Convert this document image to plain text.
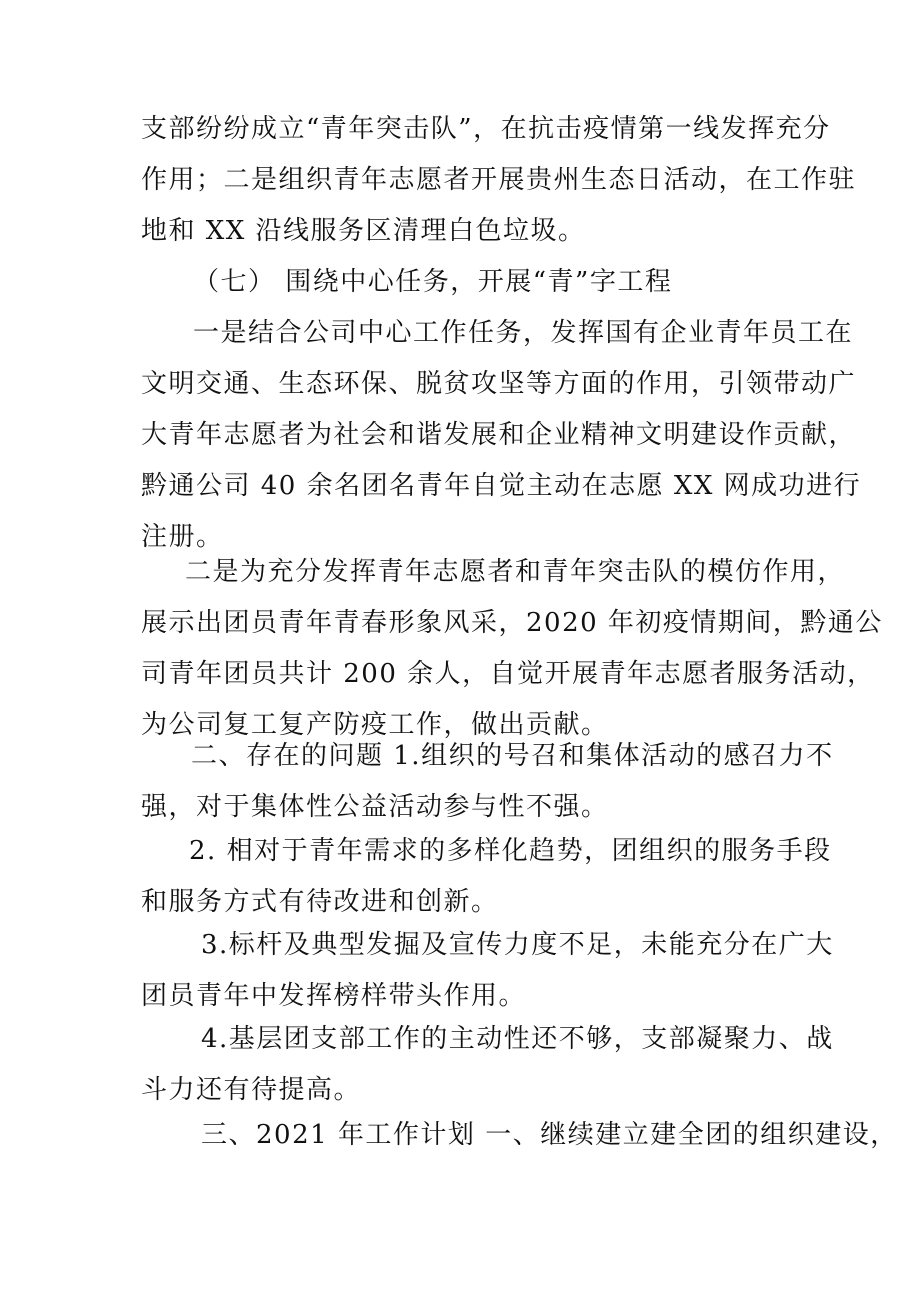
支部纷纷成立“青年突击队”，在抗击疫情第一线发挥充分
作用；二是组织青年志愿者开展贵州生态日活动，在工作驻
地和 XX 沿线服务区清理白色垃圾。
（七） 围绕中心任务，开展“青”字工程
一是结合公司中心工作任务，发挥国有企业青年员工在
文明交通、生态环保、脱贫攻坚等方面的作用，引领带动广
大青年志愿者为社会和谐发展和企业精神文明建设作贡献，
黔通公司 40 余名团名青年自觉主动在志愿 XX 网成功进行
注册。
二是为充分发挥青年志愿者和青年突击队的模仿作用，
展示出团员青年青春形象风采，2020 年初疫情期间，黔通公
司青年团员共计 200 余人，自觉开展青年志愿者服务活动，
为公司复工复产防疫工作，做出贡献。
二、存在的问题 1.组织的号召和集体活动的感召力不
强，对于集体性公益活动参与性不强。
2. 相对于青年需求的多样化趋势，团组织的服务手段
和服务方式有待改进和创新。
3.标杆及典型发掘及宣传力度不足，未能充分在广大
团员青年中发挥榜样带头作用。
4.基层团支部工作的主动性还不够，支部凝聚力、战
斗力还有待提高。
三、2021 年工作计划 一、继续建立建全团的组织建设，
